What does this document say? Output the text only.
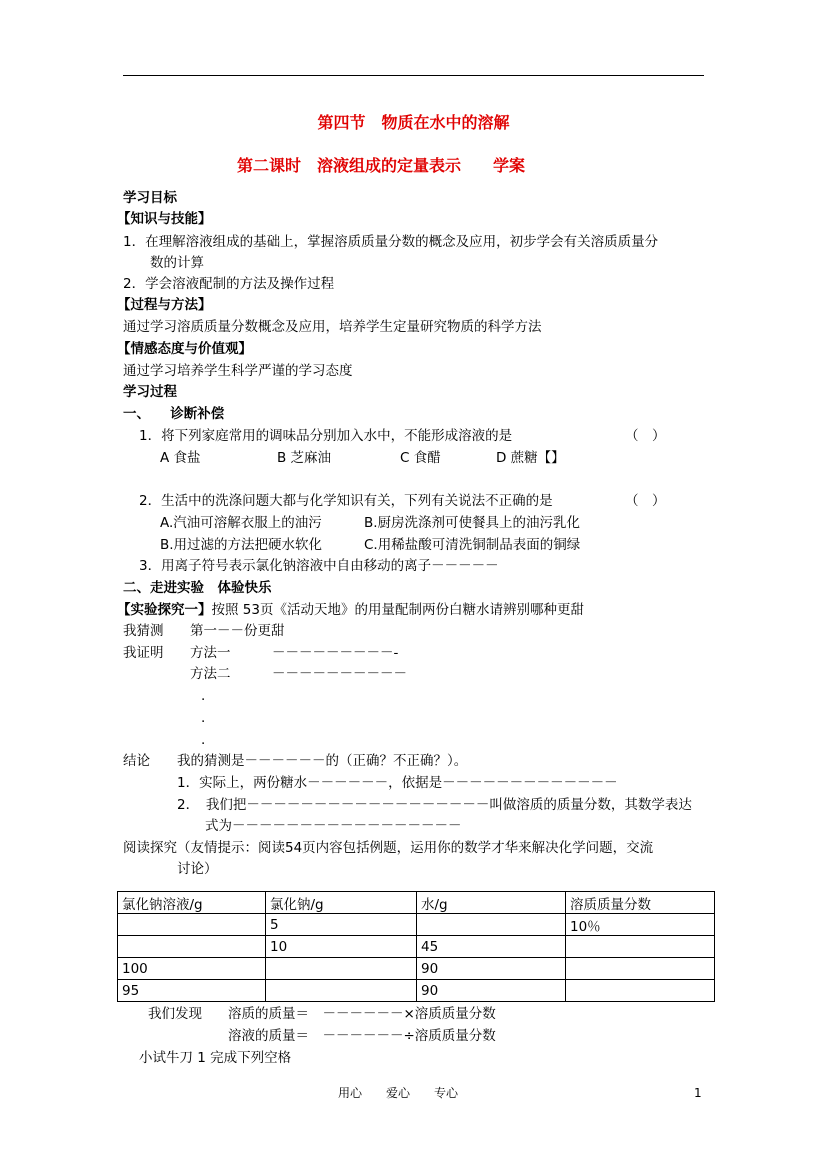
第四节　物质在水中的溶解
第二课时　溶液组成的定量表示　　学案
学习目标
【知识与技能】
1．在理解溶液组成的基础上，掌握溶质质量分数的概念及应用，初步学会有关溶质质量分
数的计算
2．学会溶液配制的方法及操作过程
【过程与方法】
通过学习溶质质量分数概念及应用，培养学生定量研究物质的科学方法
【情感态度与价值观】
通过学习培养学生科学严谨的学习态度
学习过程
一、　　诊断补偿
1．将下列家庭常用的调味品分别加入水中，不能形成溶液的是	（　）
A 食盐	B 芝麻油	C 食醋	D 蔗糖【】
2．生活中的洗涤问题大都与化学知识有关，下列有关说法不正确的是	（　）
A.汽油可溶解衣服上的油污	B.厨房洗涤剂可使餐具上的油污乳化
B.用过滤的方法把硬水软化	C.用稀盐酸可清洗铜制品表面的铜绿
3．用离子符号表示氯化钠溶液中自由移动的离子－－－－－
二、走进实验　体验快乐
【实验探究一】按照 53页《活动天地》的用量配制两份白糖水请辨别哪种更甜
我猜测 第一－－份更甜
我证明 方法一	－－－－－－－－－-
方法二	－－－－－－－－－－
.
.
.
结论 我的猜测是－－－－－－的（正确？不正确？）。
1．实际上，两份糖水－－－－－－，依据是－－－－－－－－－－－－－
2．　我们把－－－－－－－－－－－－－－－－－－叫做溶质的质量分数，其数学表达
式为－－－－－－－－－－－－－－－－－
阅读探究（友情提示：阅读54页内容包括例题，运用你的数学才华来解决化学问题，交流
讨论）
氯化钠溶液/g	氯化钠/g	水/g	溶质质量分数
	5		10％
	10	45	
100		90	
95		90	
我们发现 溶质的质量＝　－－－－－－×溶质质量分数
溶液的质量＝　－－－－－－÷溶质质量分数
小试牛刀 1 完成下列空格
用心　　爱心　　专心	1
